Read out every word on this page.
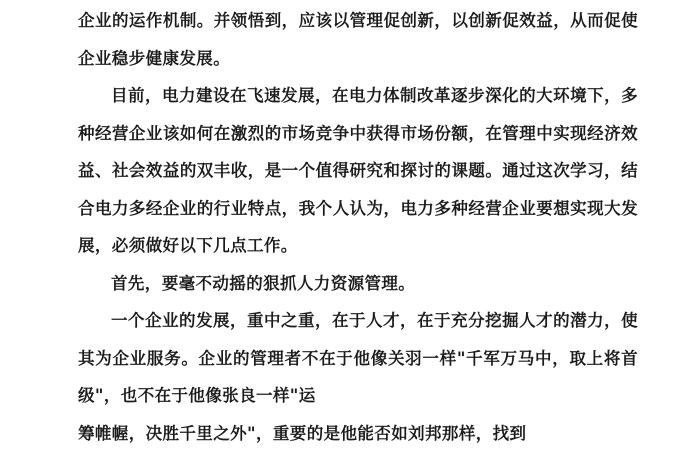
企业的运作机制。并领悟到，应该以管理促创新，以创新促效益，从而促使企业稳步健康发展。

目前，电力建设在飞速发展，在电力体制改革逐步深化的大环境下，多种经营企业该如何在激烈的市场竞争中获得市场份额，在管理中实现经济效益、社会效益的双丰收，是一个值得研究和探讨的课题。通过这次学习，结合电力多经企业的行业特点，我个人认为，电力多种经营企业要想实现大发展，必须做好以下几点工作。

首先，要毫不动摇的狠抓人力资源管理。

一个企业的发展，重中之重，在于人才，在于充分挖掘人才的潜力，使其为企业服务。企业的管理者不在于他像关羽一样"千军万马中，取上将首级"，也不在于他像张良一样"运

筹帷幄，决胜千里之外"，重要的是他能否如刘邦那样，找到
